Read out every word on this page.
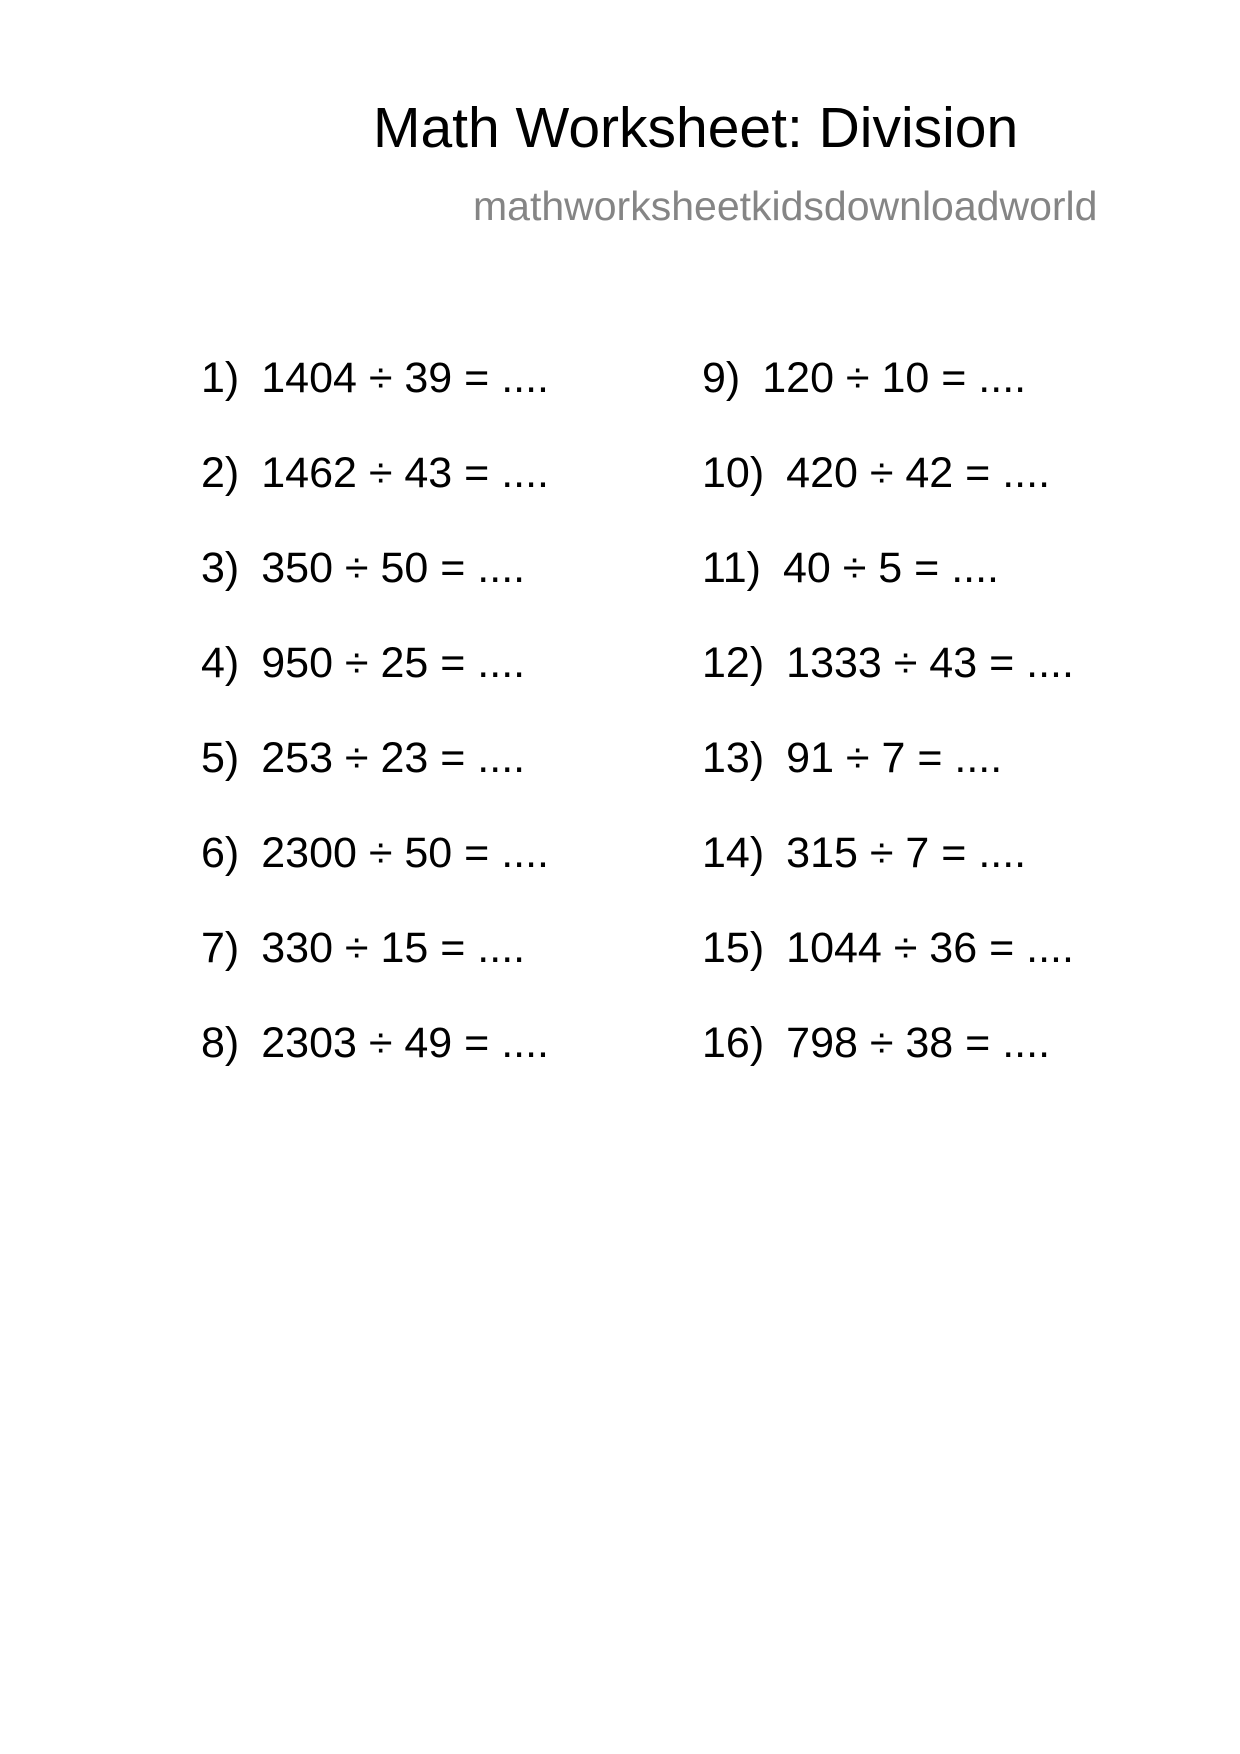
Math Worksheet: Division
mathworksheetkidsdownloadworld
1) 1404 ÷ 39 = ....
2) 1462 ÷ 43 = ....
3) 350 ÷ 50 = ....
4) 950 ÷ 25 = ....
5) 253 ÷ 23 = ....
6) 2300 ÷ 50 = ....
7) 330 ÷ 15 = ....
8) 2303 ÷ 49 = ....
9) 120 ÷ 10 = ....
10) 420 ÷ 42 = ....
11) 40 ÷ 5 = ....
12) 1333 ÷ 43 = ....
13) 91 ÷ 7 = ....
14) 315 ÷ 7 = ....
15) 1044 ÷ 36 = ....
16) 798 ÷ 38 = ....
